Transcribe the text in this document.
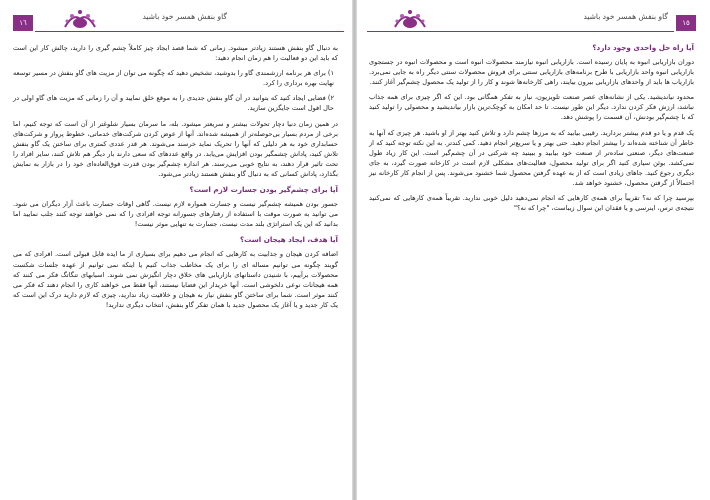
١٦
گاو بنفش همسر خود باشید

به دنبال گاو بنفش هستند زیادتر میشود. زمانی که شما قصد ایجاد چیز کاملاً چشم گیری را دارید، چالش کار این است که باید این دو فعالیت را هم زمان انجام دهید:

۱) برای هر برنامه ارزشمندی گاو را بدوشید، تشخیص دهید که چگونه می توان از مزیت های گاو بنفش در مسیر توسعه نهایت بهره برداری را کرد.
۲) فضایی ایجاد کنید که بتوانید در آن گاو بنفش جدیدی را به موقع خلق نمایید و آن را زمانی که مزیت های گاو اولی در حال افول است جایگزین سازید.

در همین زمان دنیا دچار تحولات بیشتر و سریعتر میشود. بله، ما سرمان بسیار شلوغتر از آن است که توجه کنیم، اما برخی از مردم بسیار بی‌حوصله‌تر از همیشه شده‌اند. آنها از عوض کردن شرکت‌های خدماتی، خطوط پرواز و شرکت‌های حسابداری خود به هر دلیلی که آنها را تحریک نماید خرسند می‌شوند. هر قدر عددی کمتری برای ساختن یک گاو بنفش تلاش کنید، پاداش چشمگیر بودن افزایش می‌یابد. در واقع عددهای که سعی دارند بار دیگر هم تلاش کنند، سایر افراد را تحت تاثیر قرار دهند، به نتایج خوبی می‌رسند. هر اندازه چشم‌گیر بودن قدرت فوق‌العاده‌ای خود را در بازار به نمایش بگذارد، پاداش کسانی که به دنبال گاو بنفش هستند زیادتر می‌شود.

آیا برای چشم‌گیر بودن جسارت لازم است؟

جسور بودن همیشه چشم‌گیر نیست و جسارت همواره لازم نیست. گاهی اوقات جسارت باعث آزار دیگران می شود. می توانید به صورت موقت با استفاده از رفتارهای جسورانه توجه افرادی را که نمی خواهند توجه کنند جلب نمایید اما بدانید که این یک استراتژی بلند مدت نیست، جسارت به تنهایی موثر نیست!

آیا هدف، ایجاد هیجان است؟

اضافه کردن هیجان و جذابیت به کارهایی که انجام می دهیم برای بسیاری از ما ایده قابل قبولی است. افرادی که می گویند چگونه می توانیم مساله ای را برای یک مخاطب جذاب کنیم یا اینکه نمی توانیم از عهده جلسات شکست محصولات برآییم، با شنیدن داستانهای بازاریابی های خلاق دچار انگیزش نمی شوند. اسبابهای تنگاتگ فکر می کنند که همه هیجانات نوعی دلخوشی است. آنها خریدار این فضایا نیستند، آنها فقط می خواهند کاری را انجام دهند که فکر می کنند موثر است. شما برای ساختن گاو بنفش نیاز به هیجان و خلاقیت زیاد ندارید، چیزی که لازم دارید درک این است که یک کار جدید و یا آغاز یک محصول جدید با همان تفکر گاو بنفش، انتخاب دیگری ندارید!

١٥
گاو بنفش همسر خود باشید
آیا راه حل واحدی وجود دارد؟

دوران بازاریابی انبوه به پایان رسیده است. بازاریابی انبوه نیازمند محصولات انبوه است و محصولات انبوه در جستجوی بازاریابی انبوه واحد بازاریابی با طرح برنامه‌های بازاریابی سنتی برای فروش محصولات سنتی دیگر راه به جایی نمی‌برد. بازاریاب ها باید از واحدهای بازاریابی بیرون بیایند، راهی کارخانه‌ها شوند و کار را از تولید یک محصول چشم‌گیر آغاز کنند.

محدود نیاندیشید. یکی از نشانه‌های عصر صنعت تلویزیون، نیاز به تفکر همگانی بود. این که اگر چیزی برای همه جذاب نباشد، ارزش فکر کردن ندارد. دیگر این طور نیست. تا حد امکان به کوچک‌ترین بازار بیاندیشید و محصولی را تولید کنید که با چشم‌گیر بودنش، آن قسمت را پوشش دهد.

یک قدم و یا دو قدم بیشتر بردارید. رقیبی بیابید که به مرزها چشم دارد و تلاش کنید بهتر از او باشید. هر چیزی که آنها به خاطر آن شناخته شده‌اند را بیشتر انجام دهید. حتی بهتر و یا سریع‌تر انجام دهید. کمی کندتر. به این نکته توجه کنید که از صنعت‌های دیگر، صنعتی ساده‌تر از صنعت خود بیابید و ببینید چه شرکتی در آن چشم‌گیر است. این کار زیاد طول نمی‌کشد. بوئن سیاری کنید اگر برای تولید محصول، فعالیت‌های مشکلی لازم است در کارخانه صورت گیرد، به جای دیگری رجوع کنید. جاهای زیادی است که از به عهده گرفتن محصول شما خشنود می‌شوند. پس از انجام کار کارخانه نیز احتمالاً از گرفتن محصول، خشنود خواهد شد.

بپرسید چرا که نه؟ تقریباً برای همه‌ی کارهایی که انجام نمی‌دهید دلیل خوبی ندارید. تقریباً همه‌ی کارهایی که نمی‌کنید نتیجه‌ی ترس، اینرسی و یا فقدان این سوال زیباست، "چرا که نه؟"
